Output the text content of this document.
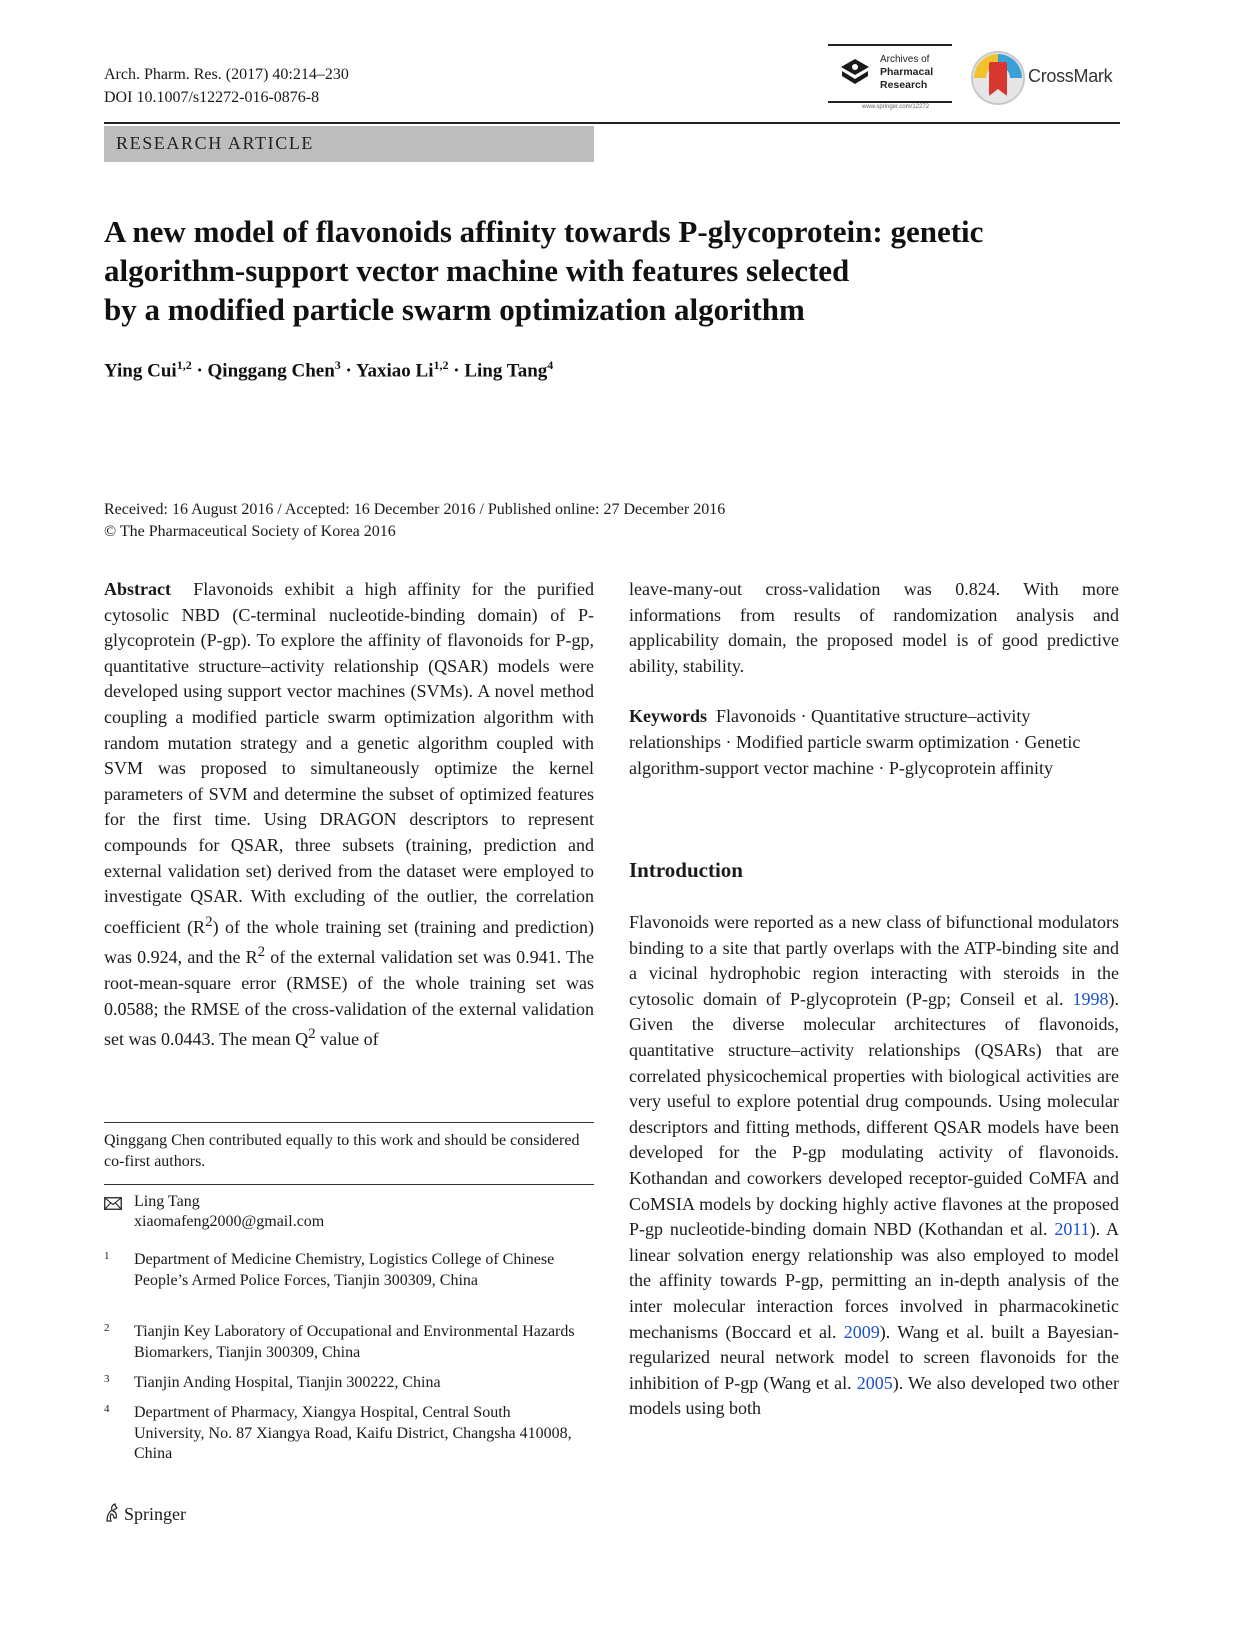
Arch. Pharm. Res. (2017) 40:214–230
DOI 10.1007/s12272-016-0876-8
Archives of
Pharmacal
Research
www.springer.com/12272
CrossMark
RESEARCH ARTICLE
A new model of flavonoids affinity towards P-glycoprotein: genetic
algorithm-support vector machine with features selected
by a modified particle swarm optimization algorithm
Ying Cui$^{1,2}$ · Qinggang Chen$^3$ · Yaxiao Li$^{1,2}$ · Ling Tang$^4$
Received: 16 August 2016 / Accepted: 16 December 2016 / Published online: 27 December 2016
© The Pharmaceutical Society of Korea 2016

Abstract Flavonoids exhibit a high affinity for the purified cytosolic NBD (C-terminal nucleotide-binding domain) of P-glycoprotein (P-gp). To explore the affinity of flavonoids for P-gp, quantitative structure–activity relationship (QSAR) models were developed using support vector machines (SVMs). A novel method coupling a modified particle swarm optimization algorithm with random mutation strategy and a genetic algorithm coupled with SVM was proposed to simultaneously optimize the kernel parameters of SVM and determine the subset of optimized features for the first time. Using DRAGON descriptors to represent compounds for QSAR, three subsets (training, prediction and external validation set) derived from the dataset were employed to investigate QSAR. With excluding of the outlier, the correlation coefficient $(R^2)$ of the whole training set (training and prediction) was 0.924, and the $R^2$ of the external validation set was 0.941. The root-mean-square error (RMSE) of the whole training set was 0.0588; the RMSE of the cross-validation of the external validation set was 0.0443. The mean $Q^2$ value of

Qinggang Chen contributed equally to this work and should be considered co-first authors.
Ling Tang
xiaomafeng2000@gmail.com
1 Department of Medicine Chemistry, Logistics College of Chinese People’s Armed Police Forces, Tianjin 300309, China
2 Tianjin Key Laboratory of Occupational and Environmental Hazards Biomarkers, Tianjin 300309, China
3 Tianjin Anding Hospital, Tianjin 300222, China
4 Department of Pharmacy, Xiangya Hospital, Central South University, No. 87 Xiangya Road, Kaifu District, Changsha 410008, China

leave-many-out cross-validation was 0.824. With more informations from results of randomization analysis and applicability domain, the proposed model is of good predictive ability, stability.

Keywords Flavonoids · Quantitative structure–activity relationships · Modified particle swarm optimization · Genetic algorithm-support vector machine · P-glycoprotein affinity

Introduction

Flavonoids were reported as a new class of bifunctional modulators binding to a site that partly overlaps with the ATP-binding site and a vicinal hydrophobic region interacting with steroids in the cytosolic domain of P-glycoprotein (P-gp; Conseil et al. 1998). Given the diverse molecular architectures of flavonoids, quantitative structure–activity relationships (QSARs) that are correlated physicochemical properties with biological activities are very useful to explore potential drug compounds. Using molecular descriptors and fitting methods, different QSAR models have been developed for the P-gp modulating activity of flavonoids. Kothandan and coworkers developed receptor-guided CoMFA and CoMSIA models by docking highly active flavones at the proposed P-gp nucleotide-binding domain NBD (Kothandan et al. 2011). A linear solvation energy relationship was also employed to model the affinity towards P-gp, permitting an in-depth analysis of the inter molecular interaction forces involved in pharmacokinetic mechanisms (Boccard et al. 2009). Wang et al. built a Bayesian-regularized neural network model to screen flavonoids for the inhibition of P-gp (Wang et al. 2005). We also developed two other models using both

Springer
